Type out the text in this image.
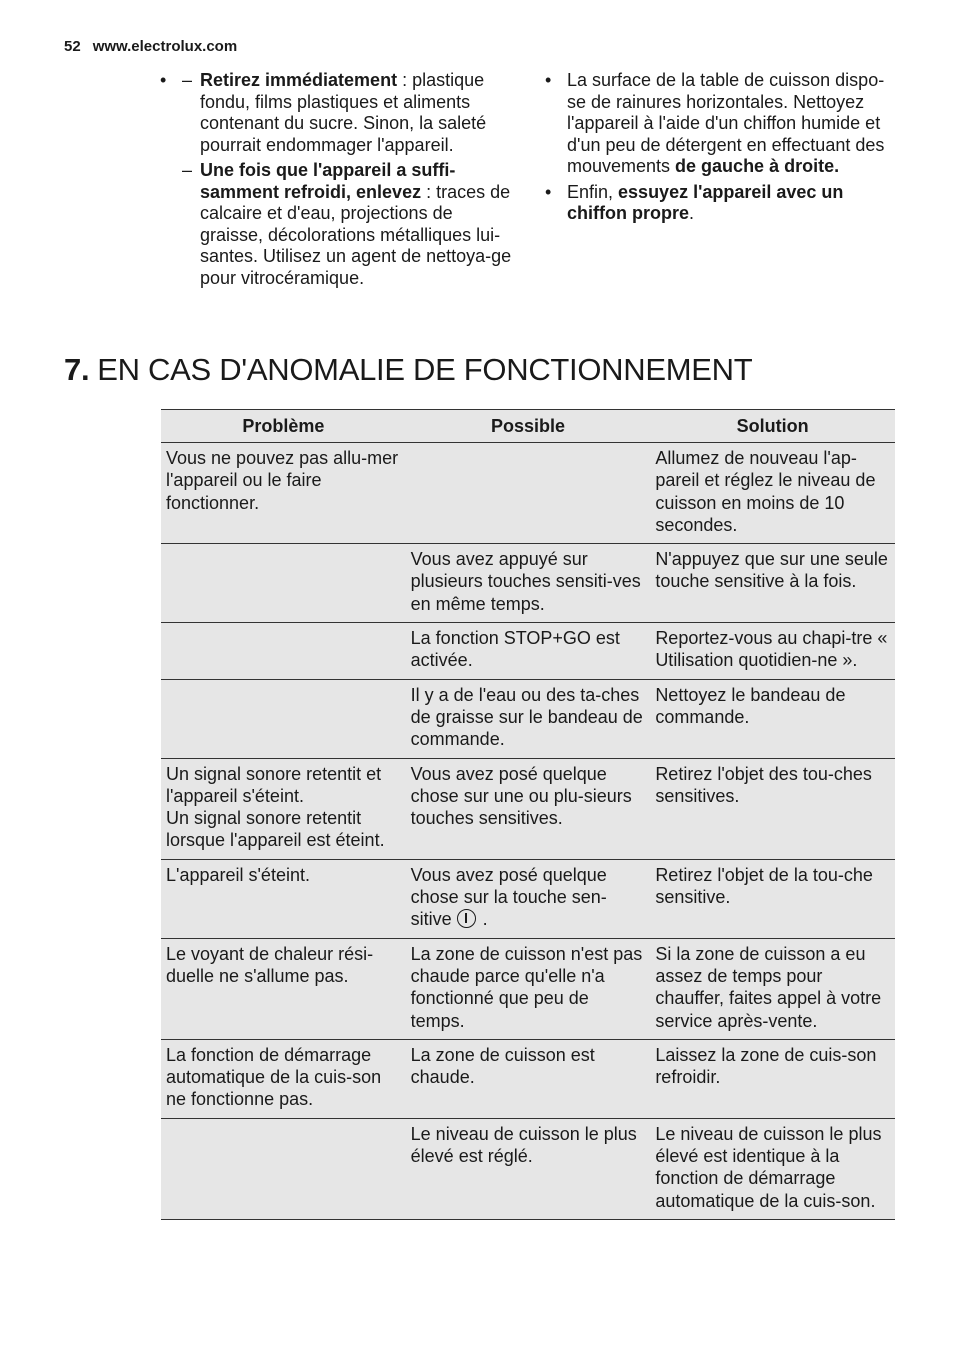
52 www.electrolux.com
• – Retirez immédiatement : plastique fondu, films plastiques et aliments contenant du sucre. Sinon, la saleté pourrait endommager l'appareil.
– Une fois que l'appareil a suffi-samment refroidi, enlevez : traces de calcaire et d'eau, projections de graisse, décolorations métalliques lui-santes. Utilisez un agent de nettoya-ge pour vitrocéramique.
• La surface de la table de cuisson dispo-se de rainures horizontales. Nettoyez l'appareil à l'aide d'un chiffon humide et d'un peu de détergent en effectuant des mouvements de gauche à droite.
• Enfin, essuyez l'appareil avec un chiffon propre.
7. EN CAS D'ANOMALIE DE FONCTIONNEMENT
Problème	Possible	Solution
Vous ne pouvez pas allu-mer l'appareil ou le faire fonctionner.		Allumez de nouveau l'ap-pareil et réglez le niveau de cuisson en moins de 10 secondes.
	Vous avez appuyé sur plusieurs touches sensiti-ves en même temps.	N'appuyez que sur une seule touche sensitive à la fois.
	La fonction STOP+GO est activée.	Reportez-vous au chapi-tre « Utilisation quotidien-ne ».
	Il y a de l'eau ou des ta-ches de graisse sur le bandeau de commande.	Nettoyez le bandeau de commande.
Un signal sonore retentit et l'appareil s'éteint.
Un signal sonore retentit lorsque l'appareil est éteint.	Vous avez posé quelque chose sur une ou plu-sieurs touches sensitives.	Retirez l'objet des tou-ches sensitives.
L'appareil s'éteint.	Vous avez posé quelque chose sur la touche sen-sitive .	Retirez l'objet de la tou-che sensitive.
Le voyant de chaleur rési-duelle ne s'allume pas.	La zone de cuisson n'est pas chaude parce qu'elle n'a fonctionné que peu de temps.	Si la zone de cuisson a eu assez de temps pour chauffer, faites appel à votre service après-vente.
La fonction de démarrage automatique de la cuis-son ne fonctionne pas.	La zone de cuisson est chaude.	Laissez la zone de cuis-son refroidir.
	Le niveau de cuisson le plus élevé est réglé.	Le niveau de cuisson le plus élevé est identique à la fonction de démarrage automatique de la cuis-son.
